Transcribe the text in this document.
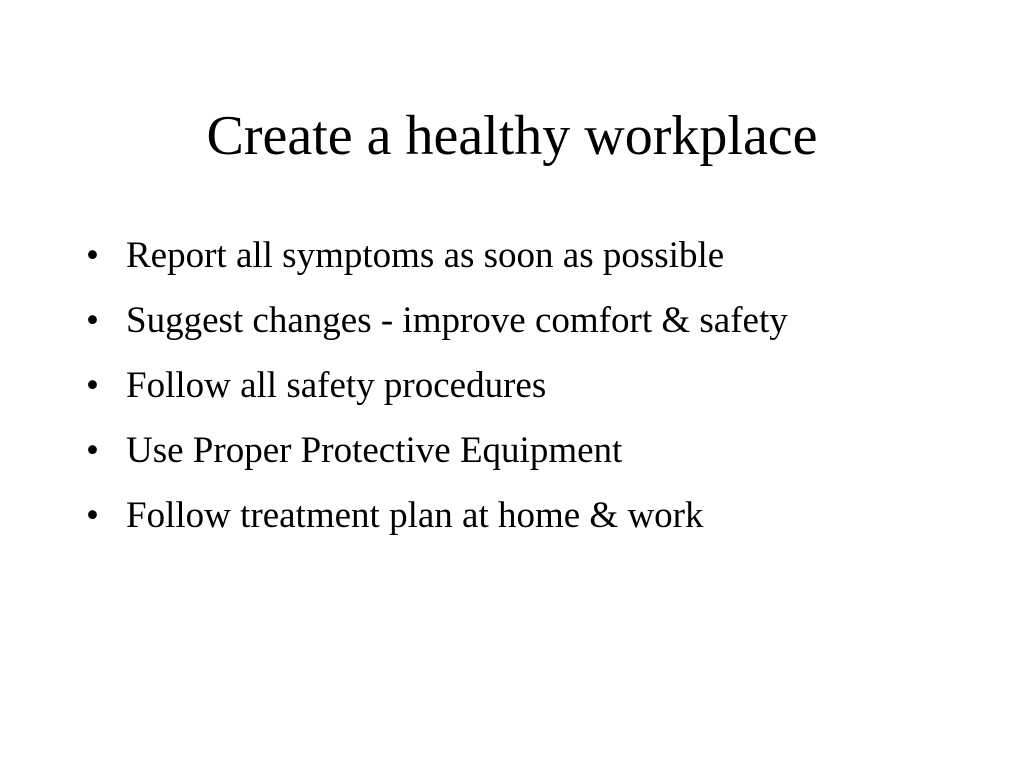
Create a healthy workplace
• Report all symptoms as soon as possible
• Suggest changes - improve comfort & safety
• Follow all safety procedures
• Use Proper Protective Equipment
• Follow treatment plan at home & work
